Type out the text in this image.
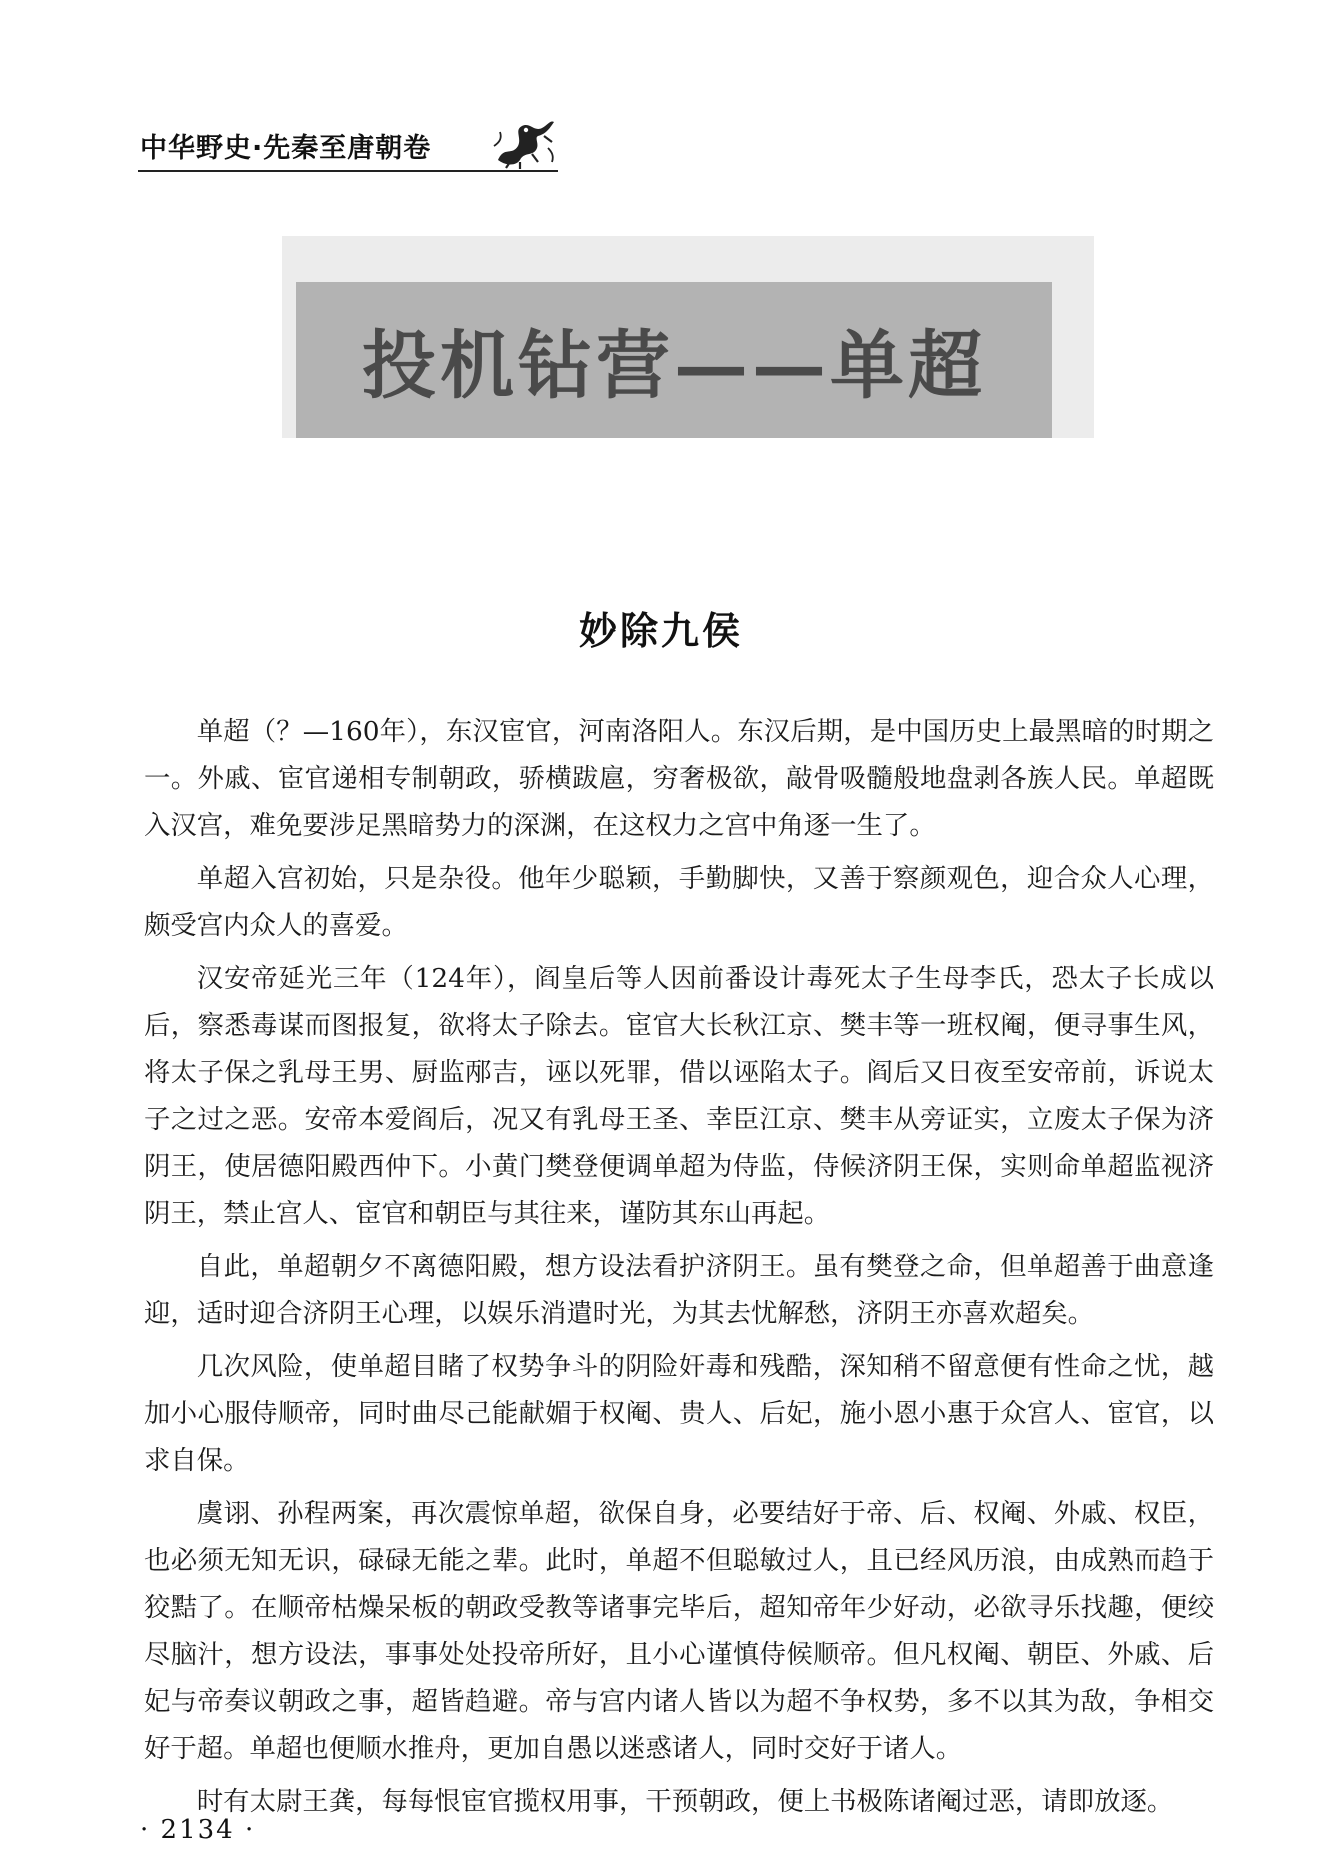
中华野史·先秦至唐朝卷
投机钻营——单超
妙除九侯

单超（？—160年），东汉宦官，河南洛阳人。东汉后期，是中国历史上最黑暗的时期之一。外戚、宦官递相专制朝政，骄横跋扈，穷奢极欲，敲骨吸髓般地盘剥各族人民。单超既入汉宫，难免要涉足黑暗势力的深渊，在这权力之宫中角逐一生了。

单超入宫初始，只是杂役。他年少聪颖，手勤脚快，又善于察颜观色，迎合众人心理，颇受宫内众人的喜爱。

汉安帝延光三年（124年），阎皇后等人因前番设计毒死太子生母李氏，恐太子长成以后，察悉毒谋而图报复，欲将太子除去。宦官大长秋江京、樊丰等一班权阉，便寻事生风，将太子保之乳母王男、厨监邴吉，诬以死罪，借以诬陷太子。阎后又日夜至安帝前，诉说太子之过之恶。安帝本爱阎后，况又有乳母王圣、幸臣江京、樊丰从旁证实，立废太子保为济阴王，使居德阳殿西仲下。小黄门樊登便调单超为侍监，侍候济阴王保，实则命单超监视济阴王，禁止宫人、宦官和朝臣与其往来，谨防其东山再起。

自此，单超朝夕不离德阳殿，想方设法看护济阴王。虽有樊登之命，但单超善于曲意逢迎，适时迎合济阴王心理，以娱乐消遣时光，为其去忧解愁，济阴王亦喜欢超矣。

几次风险，使单超目睹了权势争斗的阴险奸毒和残酷，深知稍不留意便有性命之忧，越加小心服侍顺帝，同时曲尽己能献媚于权阉、贵人、后妃，施小恩小惠于众宫人、宦官，以求自保。

虞诩、孙程两案，再次震惊单超，欲保自身，必要结好于帝、后、权阉、外戚、权臣，也必须无知无识，碌碌无能之辈。此时，单超不但聪敏过人，且已经风历浪，由成熟而趋于狡黠了。在顺帝枯燥呆板的朝政受教等诸事完毕后，超知帝年少好动，必欲寻乐找趣，便绞尽脑汁，想方设法，事事处处投帝所好，且小心谨慎侍候顺帝。但凡权阉、朝臣、外戚、后妃与帝奏议朝政之事，超皆趋避。帝与宫内诸人皆以为超不争权势，多不以其为敌，争相交好于超。单超也便顺水推舟，更加自愚以迷惑诸人，同时交好于诸人。

时有太尉王龚，每每恨宦官揽权用事，干预朝政，便上书极陈诸阉过恶，请即放逐。

· 2134 ·
